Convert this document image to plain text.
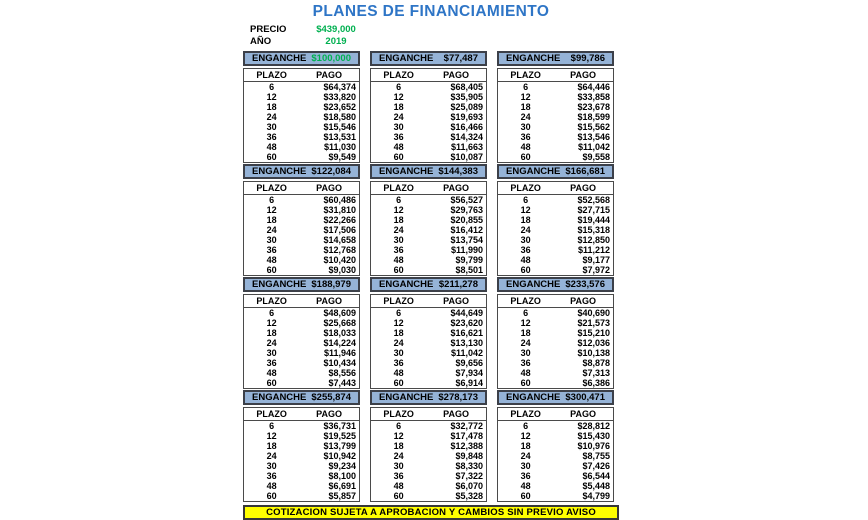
PLANES DE FINANCIAMIENTO
PRECIO	$439,000
AÑO	2019
ENGANCHE $100,000
PLAZO	PAGO
6	$64,374
12	$33,820
18	$23,652
24	$18,580
30	$15,546
36	$13,531
48	$11,030
60	$9,549
ENGANCHE $77,487
PLAZO	PAGO
6	$68,405
12	$35,905
18	$25,089
24	$19,693
30	$16,466
36	$14,324
48	$11,663
60	$10,087
ENGANCHE $99,786
PLAZO	PAGO
6	$64,446
12	$33,858
18	$23,678
24	$18,599
30	$15,562
36	$13,546
48	$11,042
60	$9,558
ENGANCHE $122,084
PLAZO	PAGO
6	$60,486
12	$31,810
18	$22,266
24	$17,506
30	$14,658
36	$12,768
48	$10,420
60	$9,030
ENGANCHE $144,383
PLAZO	PAGO
6	$56,527
12	$29,763
18	$20,855
24	$16,412
30	$13,754
36	$11,990
48	$9,799
60	$8,501
ENGANCHE $166,681
PLAZO	PAGO
6	$52,568
12	$27,715
18	$19,444
24	$15,318
30	$12,850
36	$11,212
48	$9,177
60	$7,972
ENGANCHE $188,979
PLAZO	PAGO
6	$48,609
12	$25,668
18	$18,033
24	$14,224
30	$11,946
36	$10,434
48	$8,556
60	$7,443
ENGANCHE $211,278
PLAZO	PAGO
6	$44,649
12	$23,620
18	$16,621
24	$13,130
30	$11,042
36	$9,656
48	$7,934
60	$6,914
ENGANCHE $233,576
PLAZO	PAGO
6	$40,690
12	$21,573
18	$15,210
24	$12,036
30	$10,138
36	$8,878
48	$7,313
60	$6,386
ENGANCHE $255,874
PLAZO	PAGO
6	$36,731
12	$19,525
18	$13,799
24	$10,942
30	$9,234
36	$8,100
48	$6,691
60	$5,857
ENGANCHE $278,173
PLAZO	PAGO
6	$32,772
12	$17,478
18	$12,388
24	$9,848
30	$8,330
36	$7,322
48	$6,070
60	$5,328
ENGANCHE $300,471
PLAZO	PAGO
6	$28,812
12	$15,430
18	$10,976
24	$8,755
30	$7,426
36	$6,544
48	$5,448
60	$4,799
COTIZACION SUJETA A APROBACION Y CAMBIOS SIN PREVIO AVISO
